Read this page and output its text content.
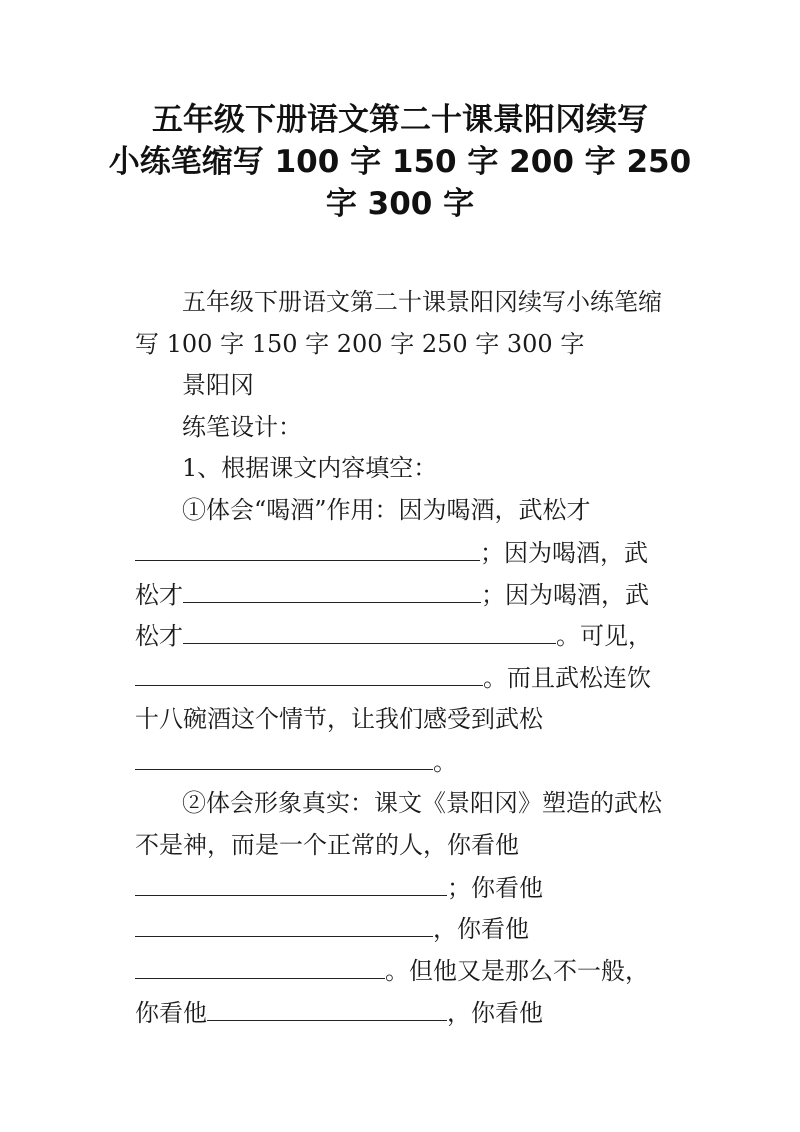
五年级下册语文第二十课景阳冈续写
小练笔缩写 100 字 150 字 200 字 250
字 300 字
五年级下册语文第二十课景阳冈续写小练笔缩
写 100 字 150 字 200 字 250 字 300 字
景阳冈
练笔设计：
1、根据课文内容填空：
①体会“喝酒”作用：因为喝酒，武松才
；因为喝酒，武
松才	；因为喝酒，武
松才	。可见，
。而且武松连饮
十八碗酒这个情节，让我们感受到武松
。
②体会形象真实：课文《景阳冈》塑造的武松
不是神，而是一个正常的人，你看他
；你看他
，你看他
。但他又是那么不一般，
你看他	，你看他
